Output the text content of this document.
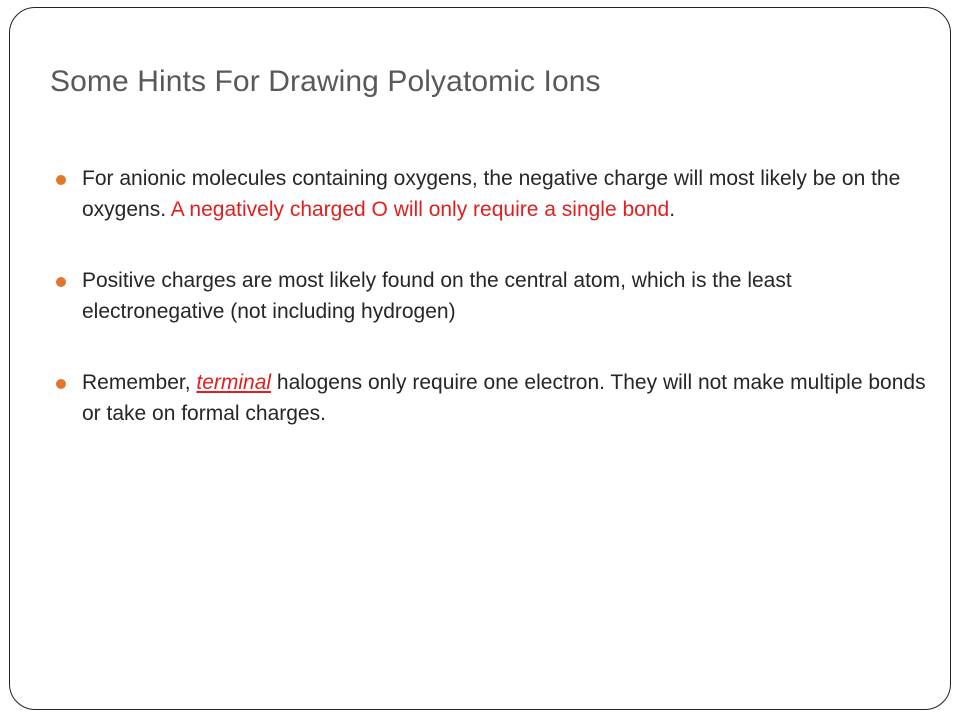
Some Hints For Drawing Polyatomic Ions
For anionic molecules containing oxygens, the negative charge will most likely be on the oxygens. A negatively charged O will only require a single bond.
Positive charges are most likely found on the central atom, which is the least electronegative (not including hydrogen)
Remember, terminal halogens only require one electron. They will not make multiple bonds or take on formal charges.
